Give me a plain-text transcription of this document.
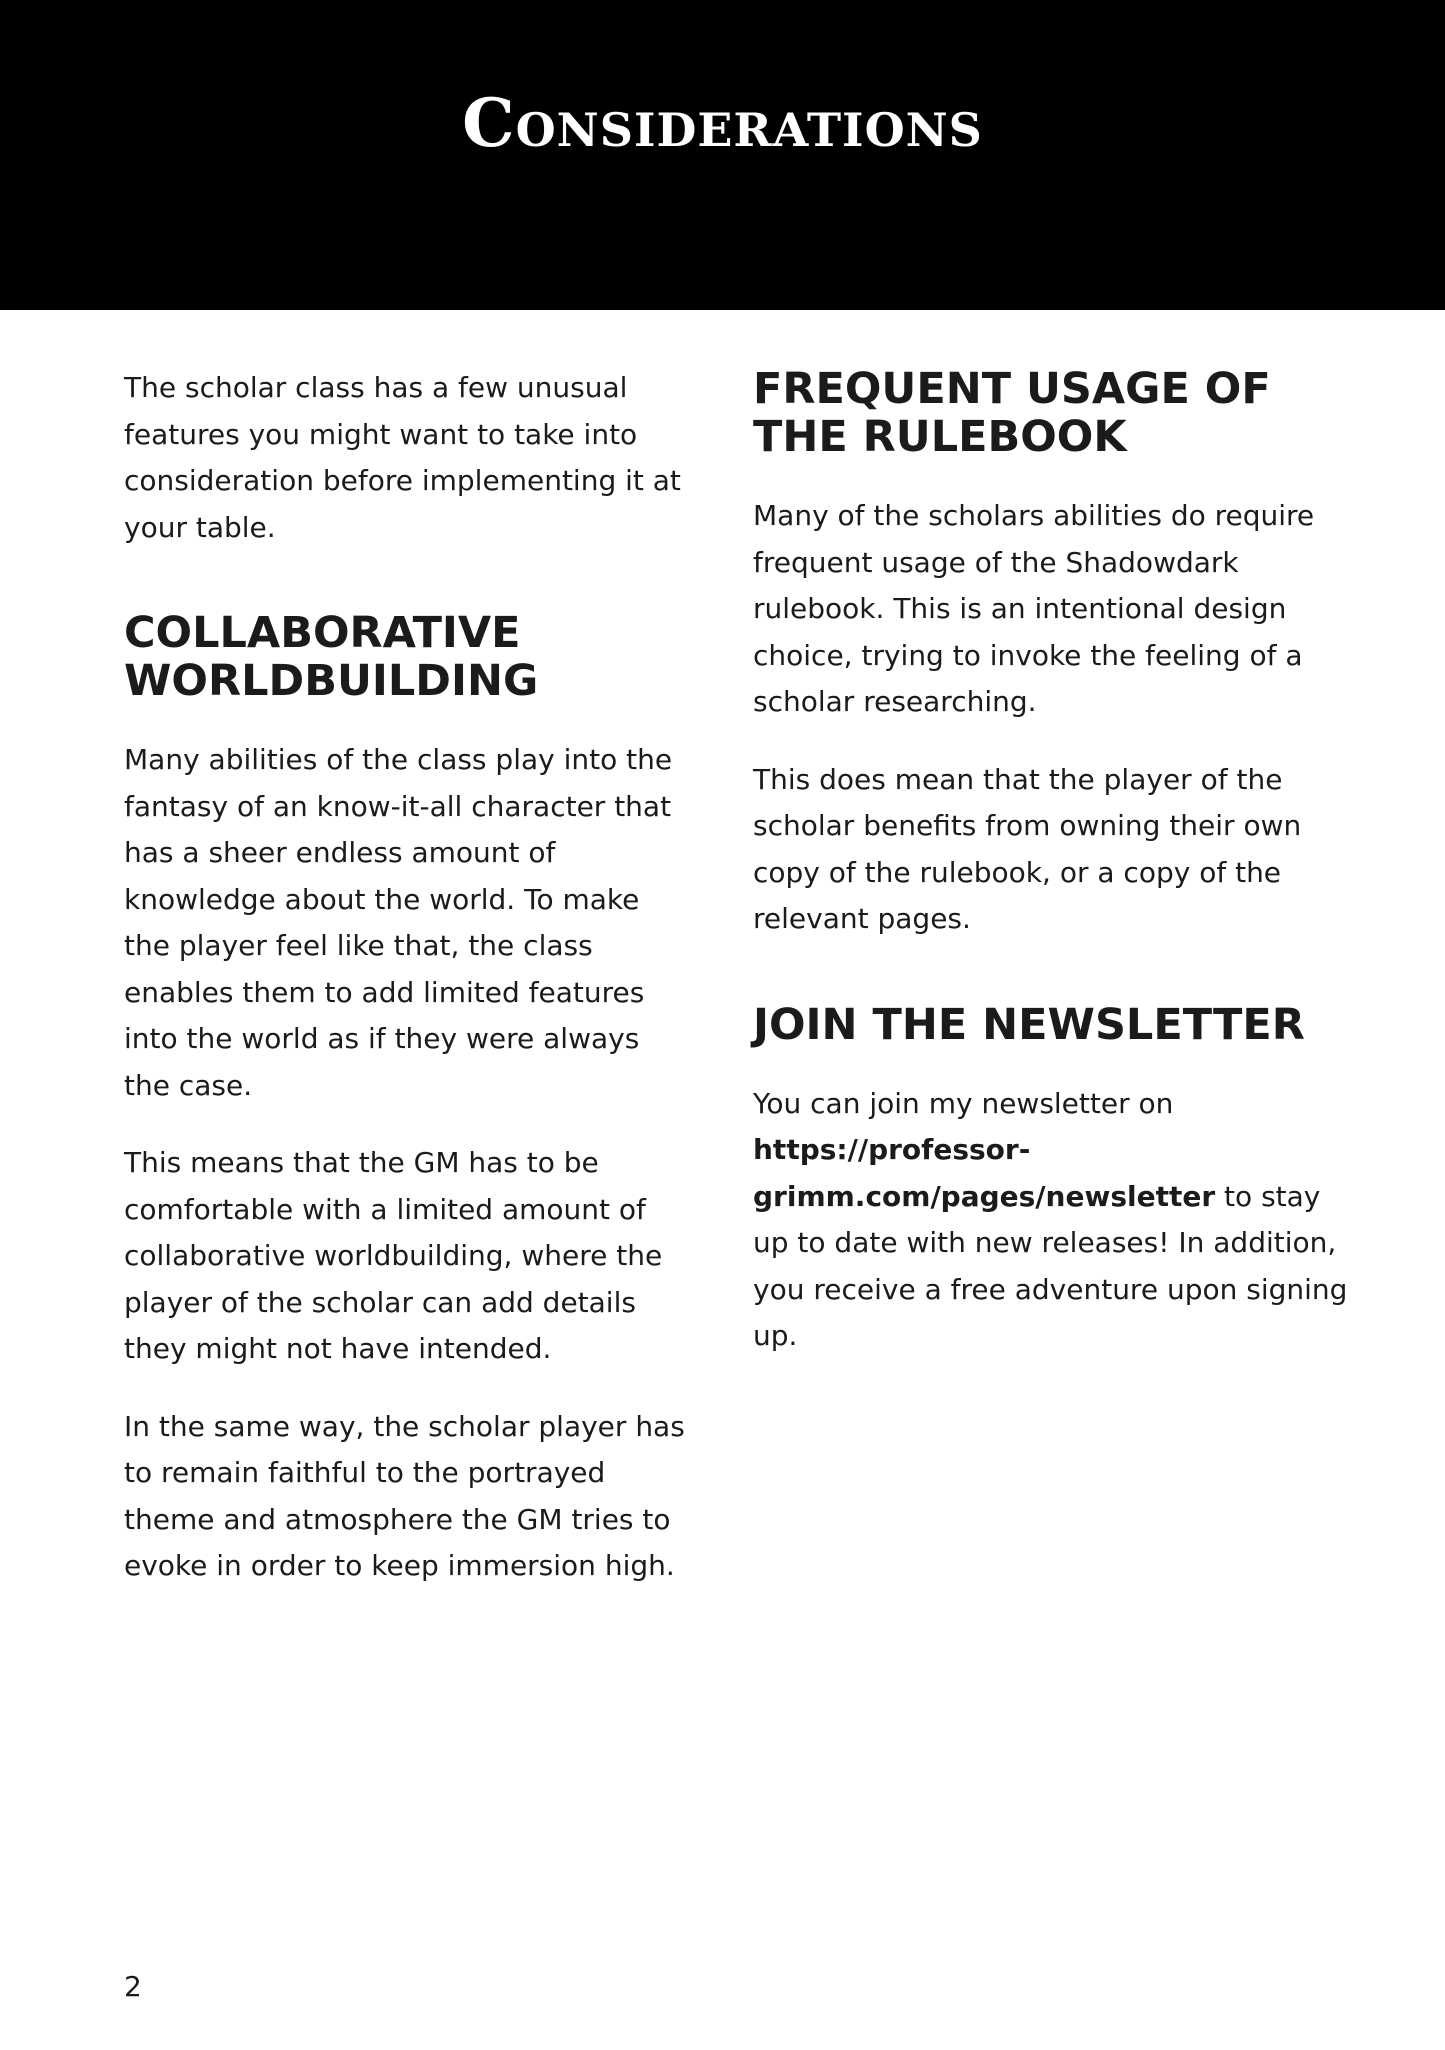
Considerations

The scholar class has a few unusual features you might want to take into consideration before implementing it at your table.

COLLABORATIVE WORLDBUILDING

Many abilities of the class play into the fantasy of an know-it-all character that has a sheer endless amount of knowledge about the world. To make the player feel like that, the class enables them to add limited features into the world as if they were always the case.

This means that the GM has to be comfortable with a limited amount of collaborative worldbuilding, where the player of the scholar can add details they might not have intended.

In the same way, the scholar player has to remain faithful to the portrayed theme and atmosphere the GM tries to evoke in order to keep immersion high.

FREQUENT USAGE OF THE RULEBOOK

Many of the scholars abilities do require frequent usage of the Shadowdark rulebook. This is an intentional design choice, trying to invoke the feeling of a scholar researching.

This does mean that the player of the scholar benefits from owning their own copy of the rulebook, or a copy of the relevant pages.

JOIN THE NEWSLETTER

You can join my newsletter on https://professor-grimm.com/pages/newsletter to stay up to date with new releases! In addition, you receive a free adventure upon signing up.

2
